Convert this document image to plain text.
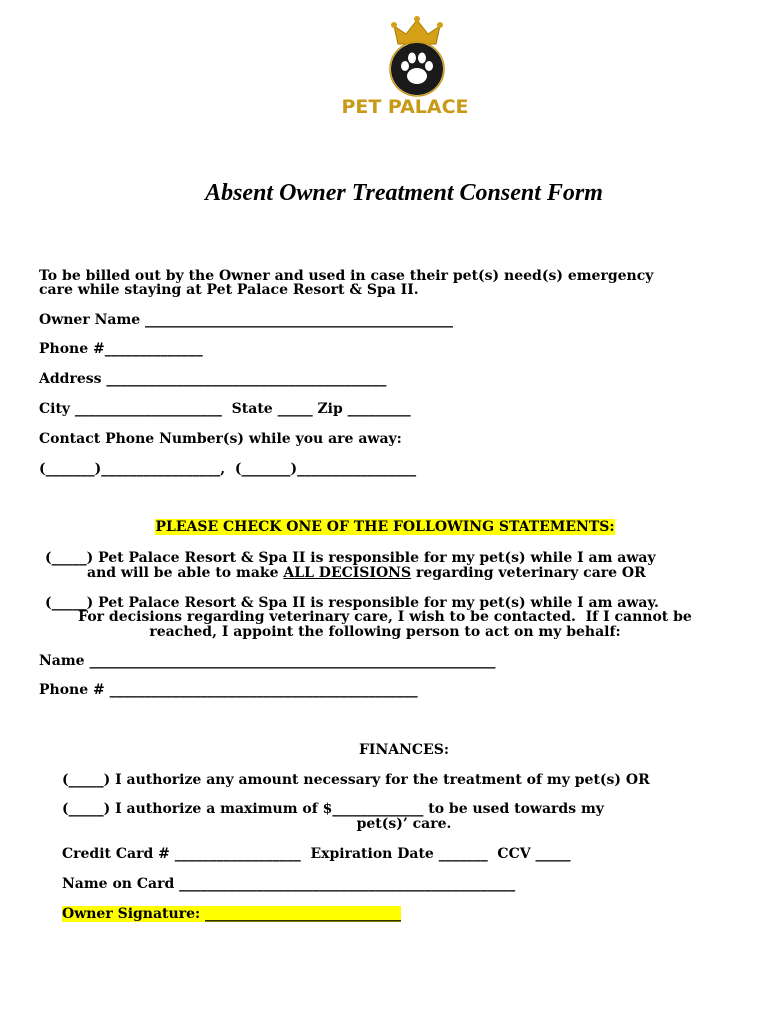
PET PALACE
Absent Owner Treatment Consent Form
To be billed out by the Owner and used in case their pet(s) need(s) emergency
care while staying at Pet Palace Resort & Spa II.
Owner Name ____________________________________________
Phone #______________
Address ________________________________________
City _____________________  State _____ Zip _________
Contact Phone Number(s) while you are away:
(_______)_________________,  (_______)_________________
PLEASE CHECK ONE OF THE FOLLOWING STATEMENTS:
(_____) Pet Palace Resort & Spa II is responsible for my pet(s) while I am away
and will be able to make ALL DECISIONS regarding veterinary care OR
(_____) Pet Palace Resort & Spa II is responsible for my pet(s) while I am away.
For decisions regarding veterinary care, I wish to be contacted.  If I cannot be
reached, I appoint the following person to act on my behalf:
Name __________________________________________________________
Phone # ____________________________________________
FINANCES:
(_____) I authorize any amount necessary for the treatment of my pet(s) OR
(_____) I authorize a maximum of $_____________ to be used towards my
pet(s)’ care.
Credit Card # __________________  Expiration Date _______  CCV _____
Name on Card ________________________________________________
Owner Signature: ____________________________
